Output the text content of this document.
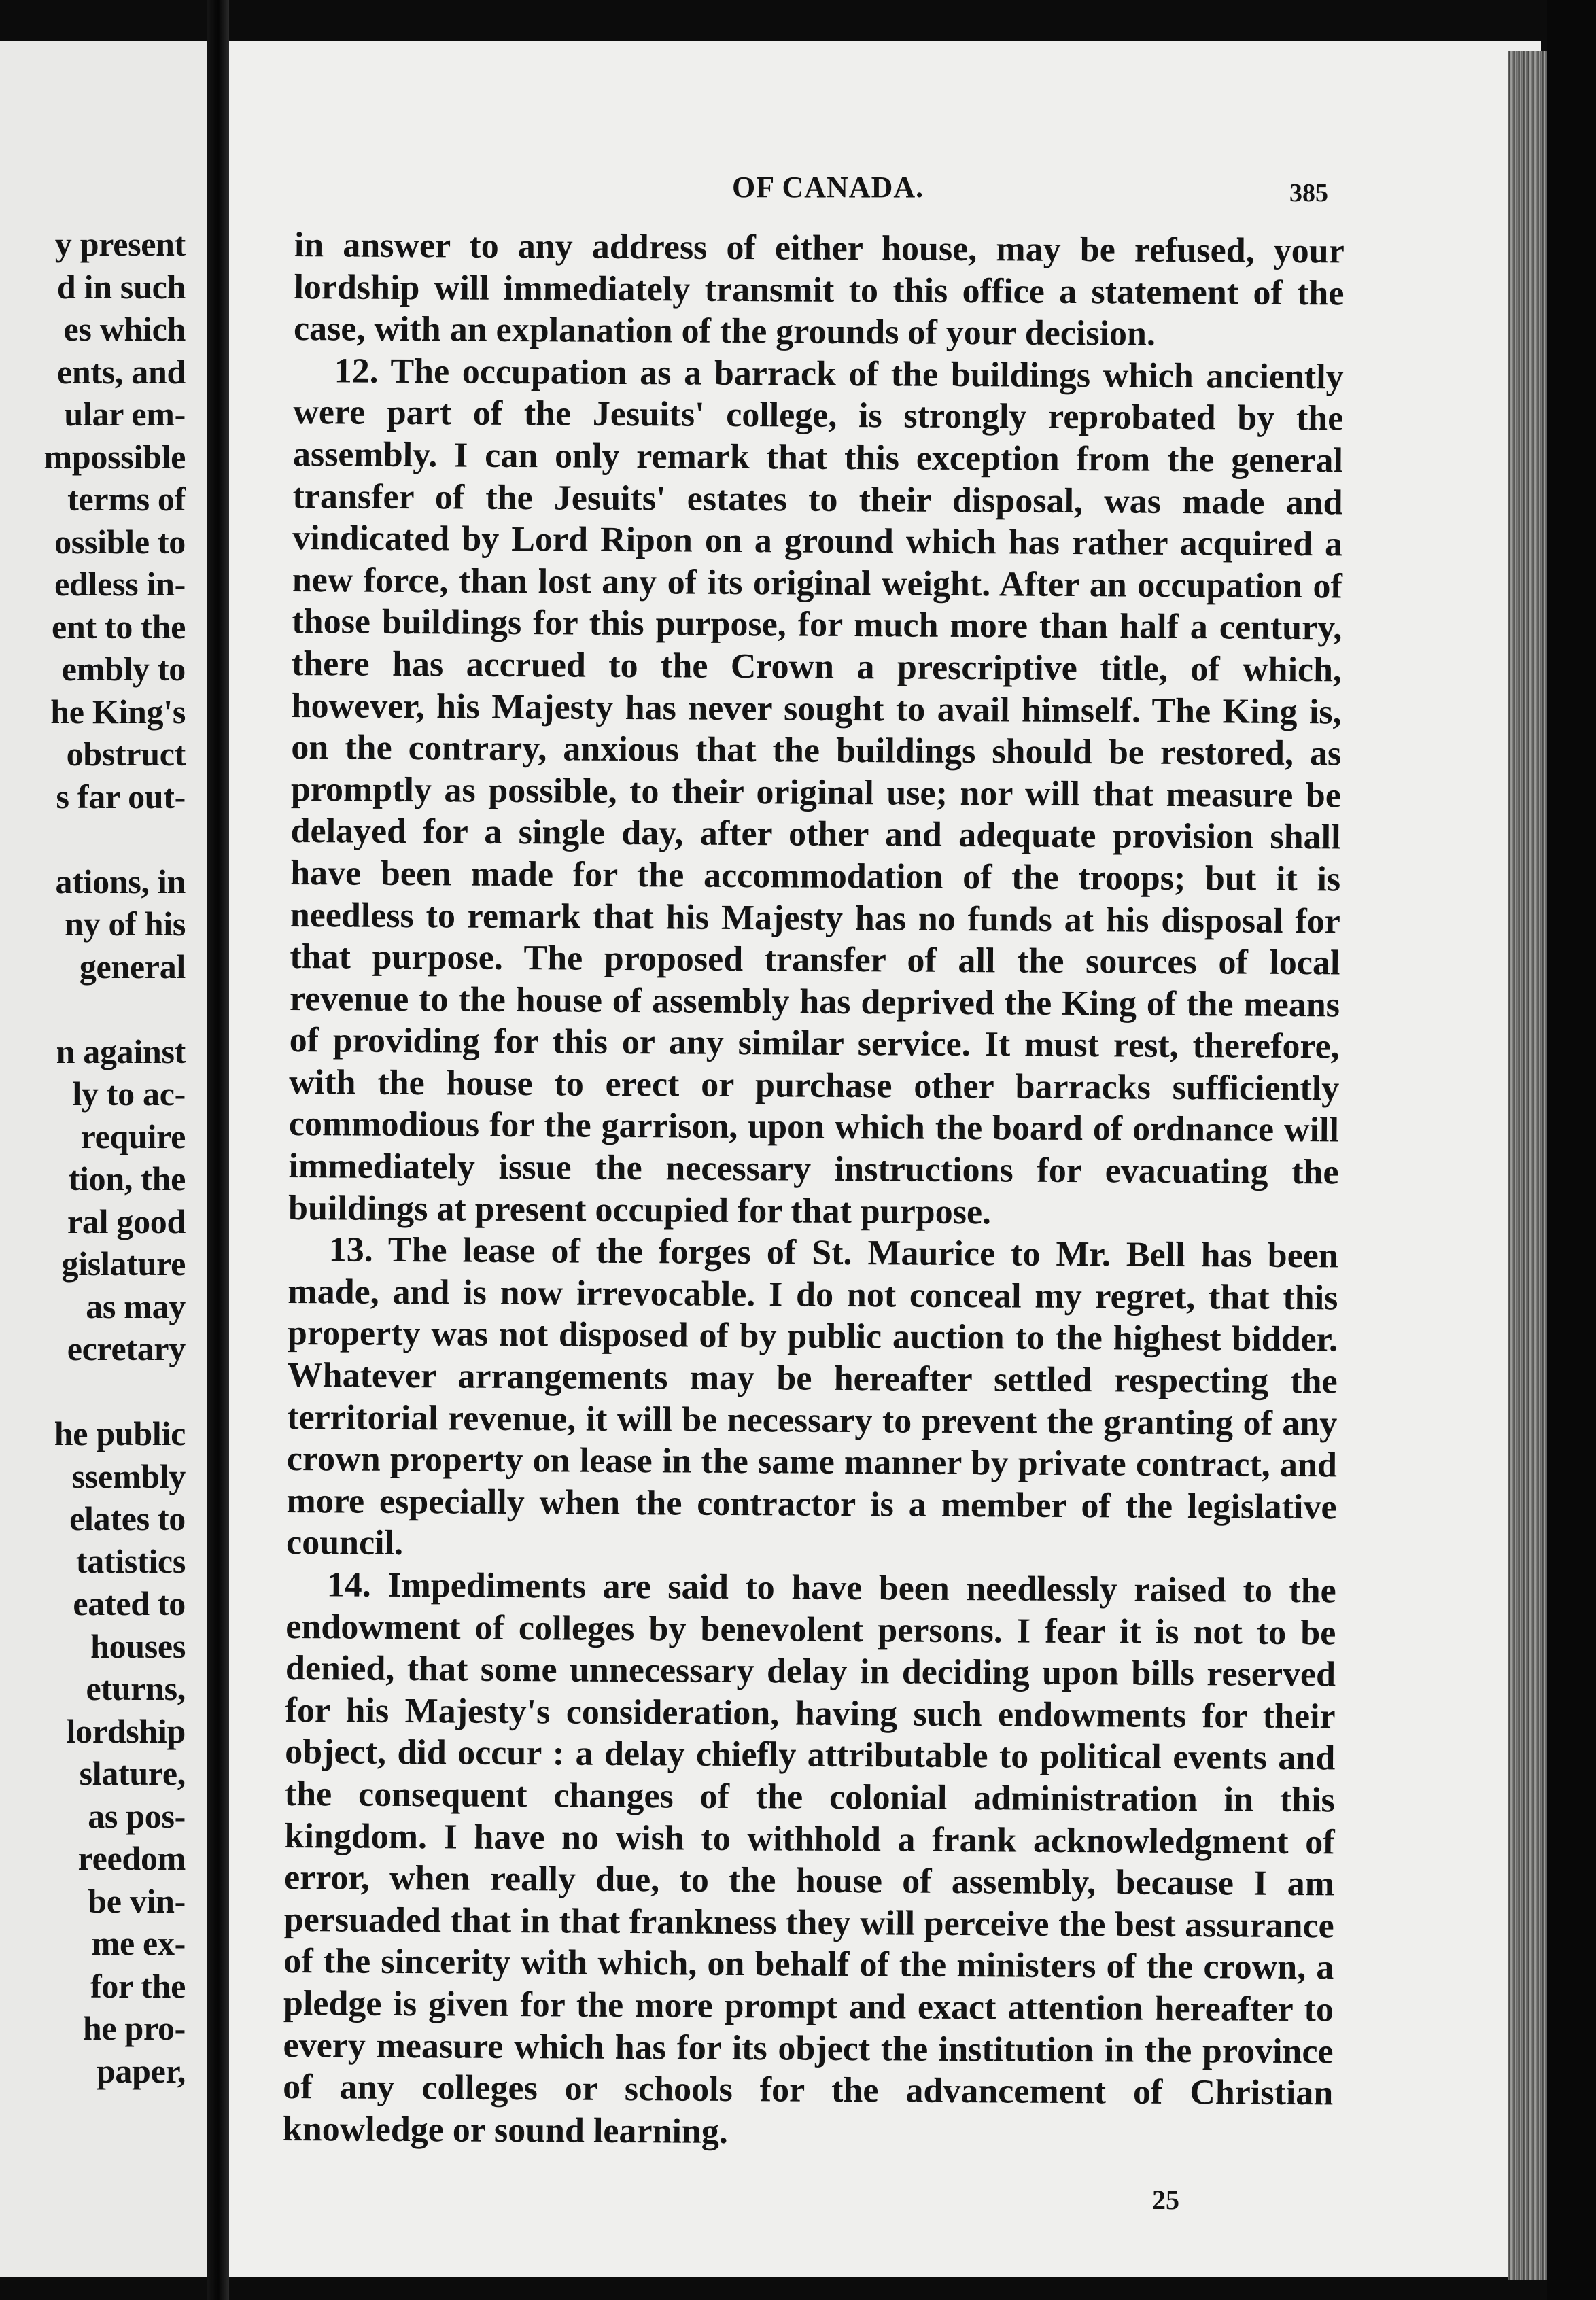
y present
d in such
es which
ents, and
ular em-
mpossible
terms of
ossible to
edless in-
ent to the
embly to
he King's
obstruct
s far out-
ations, in
ny of his
general
n against
ly to ac-
require
tion, the
ral good
gislature
as may
ecretary
he public
ssembly
elates to
tatistics
eated to
houses
eturns,
lordship
slature,
as pos-
reedom
be vin-
me ex-
for the
he pro-
paper,
OF CANADA.	385

in answer to any address of either house, may be refused, your lordship will immediately transmit to this office a statement of the case, with an explanation of the grounds of your decision.

12. The occupation as a barrack of the buildings which anciently were part of the Jesuits' college, is strongly reprobated by the assembly. I can only remark that this exception from the general transfer of the Jesuits' estates to their disposal, was made and vindicated by Lord Ripon on a ground which has rather acquired a new force, than lost any of its original weight. After an occupation of those buildings for this purpose, for much more than half a century, there has accrued to the Crown a prescriptive title, of which, however, his Majesty has never sought to avail himself. The King is, on the contrary, anxious that the buildings should be restored, as promptly as possible, to their original use; nor will that measure be delayed for a single day, after other and adequate provision shall have been made for the accommodation of the troops; but it is needless to remark that his Majesty has no funds at his disposal for that purpose. The proposed transfer of all the sources of local revenue to the house of assembly has deprived the King of the means of providing for this or any similar service. It must rest, therefore, with the house to erect or purchase other barracks sufficiently commodious for the garrison, upon which the board of ordnance will immediately issue the necessary instructions for evacuating the buildings at present occupied for that purpose.

13. The lease of the forges of St. Maurice to Mr. Bell has been made, and is now irrevocable. I do not conceal my regret, that this property was not disposed of by public auction to the highest bidder. Whatever arrangements may be hereafter settled respecting the territorial revenue, it will be necessary to prevent the granting of any crown property on lease in the same manner by private contract, and more especially when the contractor is a member of the legislative council.

14. Impediments are said to have been needlessly raised to the endowment of colleges by benevolent persons. I fear it is not to be denied, that some unnecessary delay in deciding upon bills reserved for his Majesty's consideration, having such endowments for their object, did occur : a delay chiefly attributable to political events and the consequent changes of the colonial administration in this kingdom. I have no wish to withhold a frank acknowledgment of error, when really due, to the house of assembly, because I am persuaded that in that frankness they will perceive the best assurance of the sincerity with which, on behalf of the ministers of the crown, a pledge is given for the more prompt and exact attention hereafter to every measure which has for its object the institution in the province of any colleges or schools for the advancement of Christian knowledge or sound learning.

25
